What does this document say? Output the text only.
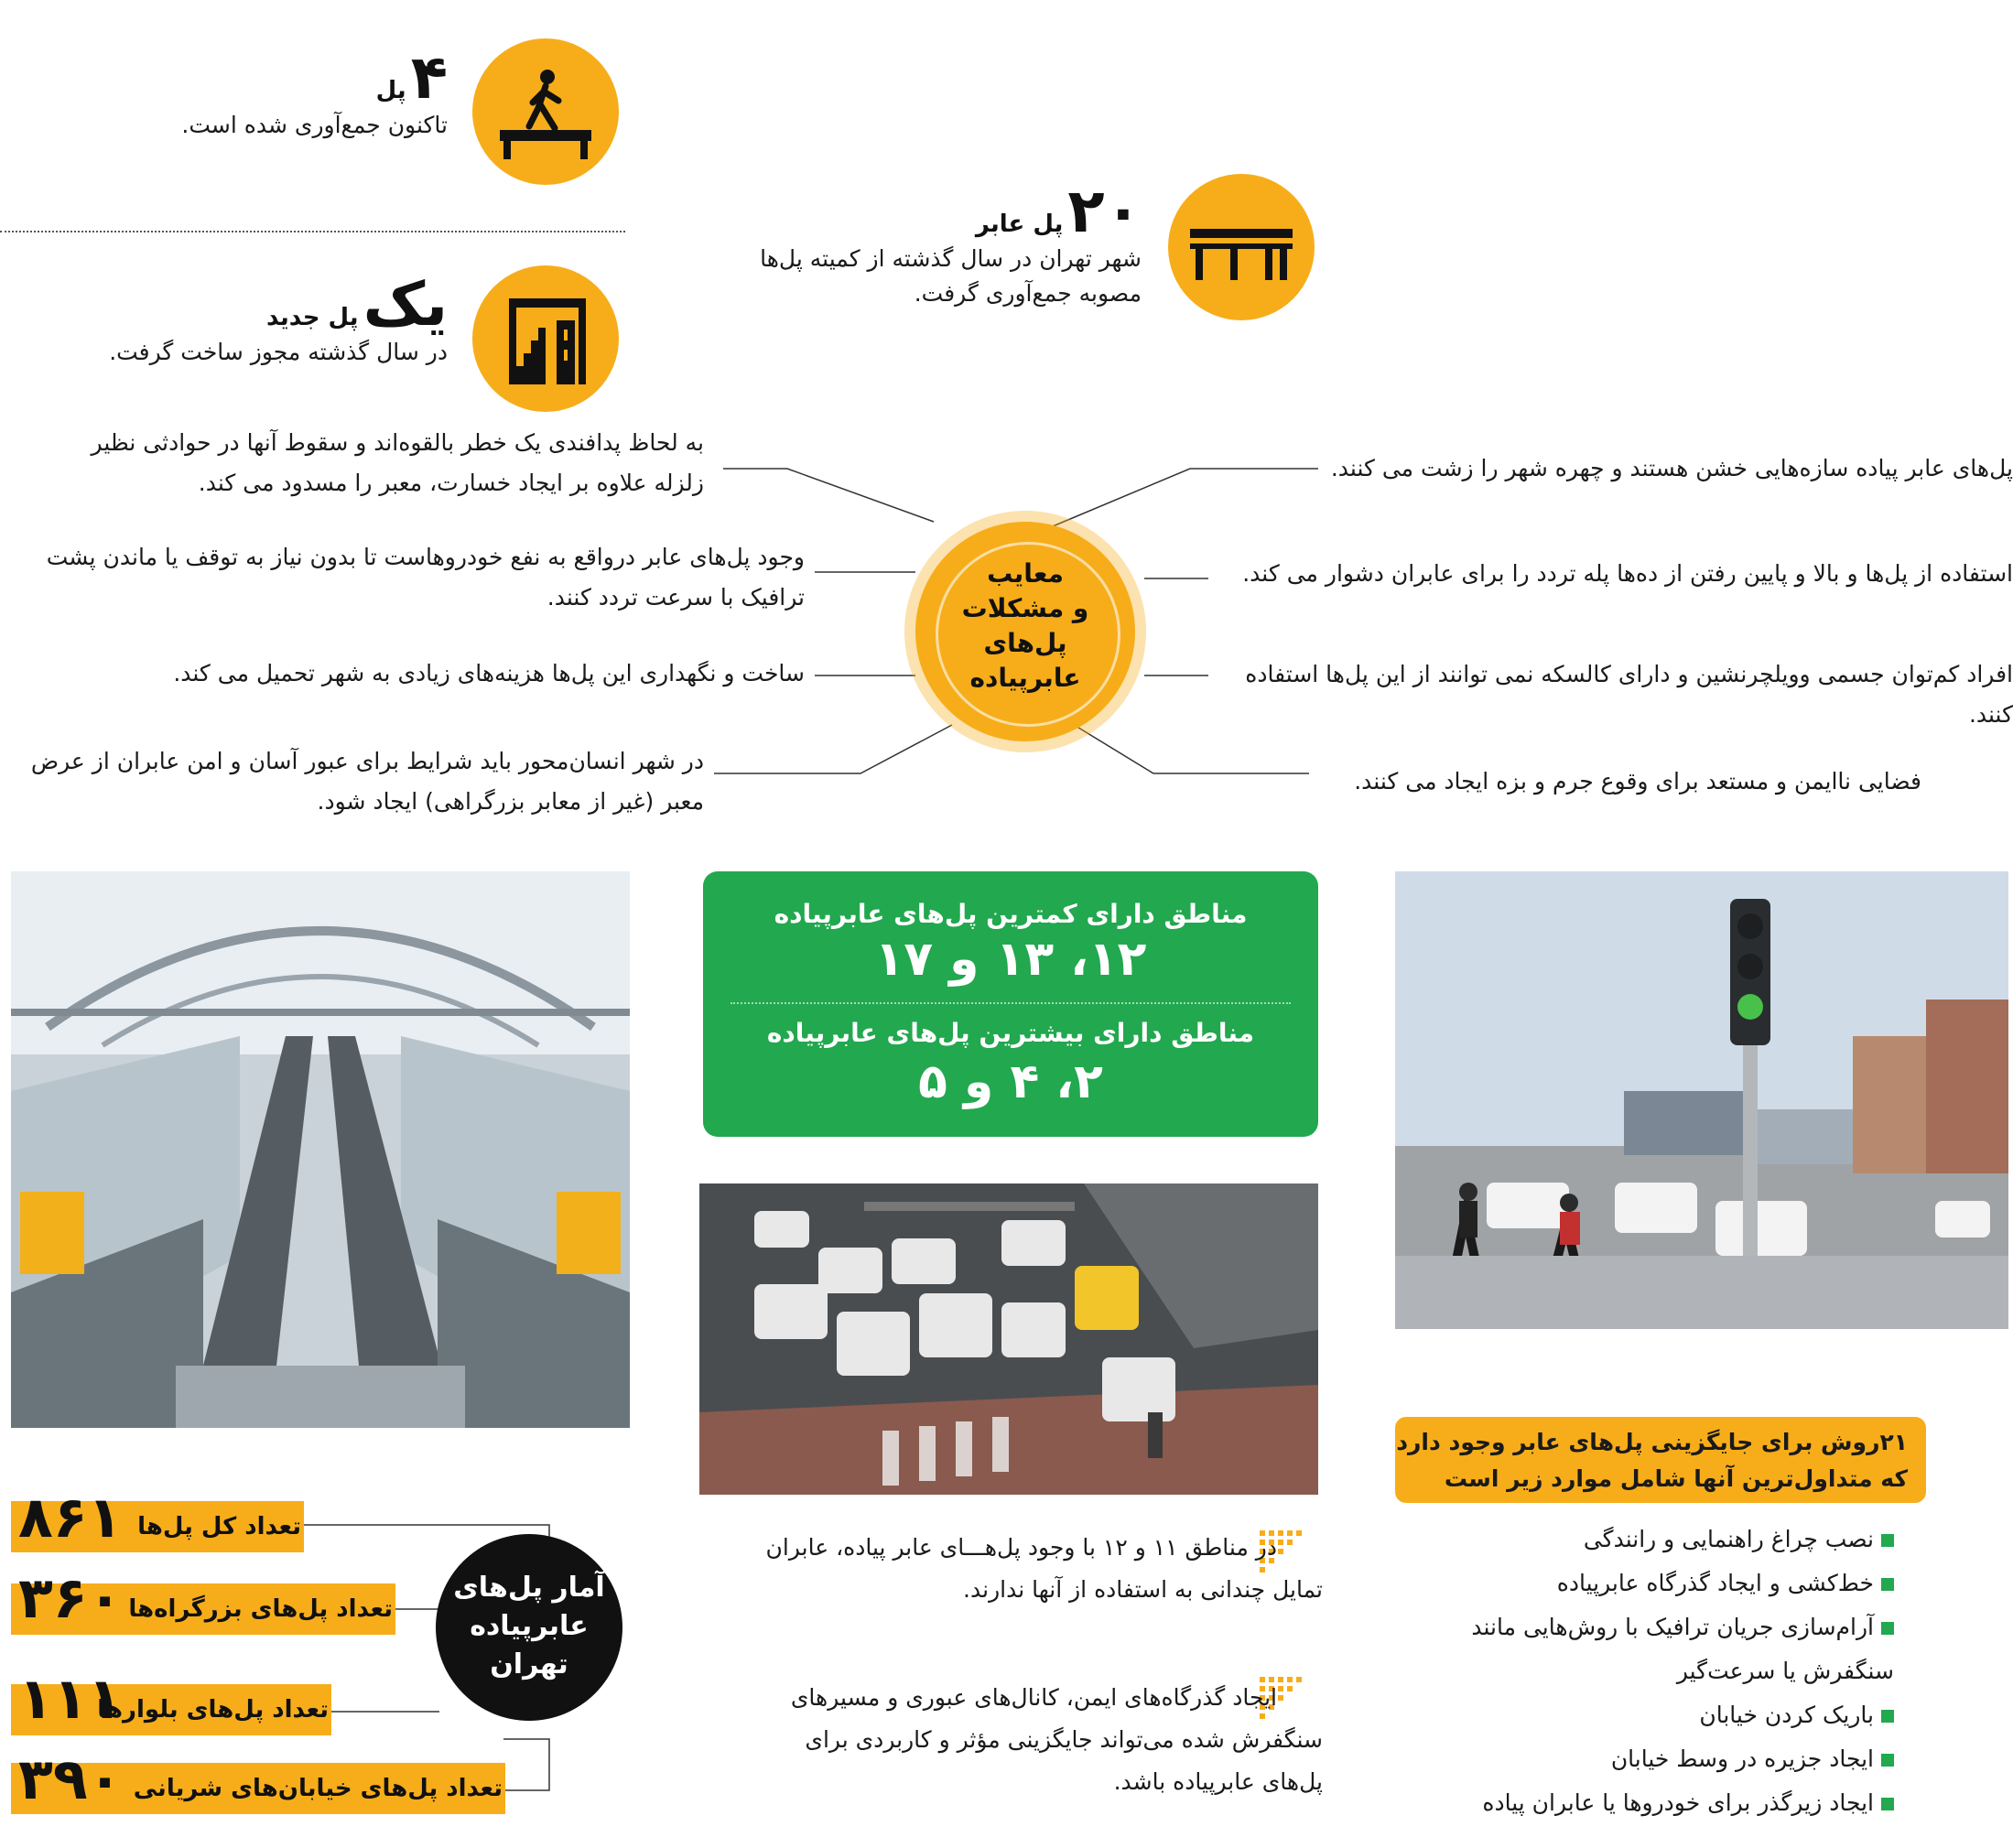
۴ پل
تاکنون جمع‌آوری شده است.
یک پل جدید
در سال گذشته مجوز ساخت گرفت.
۲۰ پل عابر
شهر تهران در سال گذشته از کمیته پل‌ها
مصوبه جمع‌آوری گرفت.
معایب
و مشکلات
پل‌های
عابرپیاده
به لحاظ پدافندی یک خطر بالقوه‌اند و سقوط آنها در حوادثی نظیر
زلزله علاوه بر ایجاد خسارت، معبر را مسدود می کند.
وجود پل‌های عابر درواقع به نفع خودروهاست تا بدون نیاز به توقف یا ماندن پشت
ترافیک با سرعت تردد کنند.
ساخت و نگهداری این پل‌ها هزینه‌های زیادی به شهر تحمیل می کند.
در شهر انسان‌محور باید شرایط برای عبور آسان و امن عابران از عرض
معبر (غیر از معابر بزرگراهی) ایجاد شود.
پل‌های عابر پیاده سازه‌هایی خشن هستند و چهره شهر را زشت می کنند.
استفاده از پل‌ها و بالا و پایین رفتن از ده‌ها پله تردد را برای عابران دشوار می کند.
افراد کم‌توان جسمی وویلچرنشین و دارای کالسکه نمی توانند از این پل‌ها استفاده کنند.
فضایی ناایمن و مستعد برای وقوع جرم و بزه ایجاد می کنند.
مناطق دارای کمترین پل‌های عابرپیاده
۱۲، ۱۳ و ۱۷
مناطق دارای بیشترین پل‌های عابرپیاده
۲، ۴ و ۵
۸۶۱ تعداد کل پل‌ها
۳۶۰ تعداد پل‌های بزرگراه‌ها
۱۱۱
تعداد پل‌های بلوارها
۳۹۰ تعداد پل‌های خیابان‌های شریانی
آمار پل‌های
عابرپیاده
تهران
در مناطق ۱۱ و ۱۲ با وجود پل‌هـــای عابر پیاده، عابران
تمایل چندانی به استفاده از آنها ندارند.
ایجاد گذرگاه‌های ایمن، کانال‌های عبوری و مسیرهای
سنگفرش شده می‌تواند جایگزینی مؤثر و کاربردی برای
پل‌های عابرپیاده باشد.
۲۱روش برای جایگزینی پل‌های عابر وجود دارد
که متداول‌ترین آنها شامل موارد زیر است
نصب چراغ راهنمایی و رانندگی
خط‌کشی و ایجاد گذرگاه عابرپیاده
آرام‌سازی جریان ترافیک با روش‌هایی مانند
سنگفرش یا سرعت‌گیر
باریک کردن خیابان
ایجاد جزیره در وسط خیابان
ایجاد زیرگذر برای خودروها یا عابران پیاده
